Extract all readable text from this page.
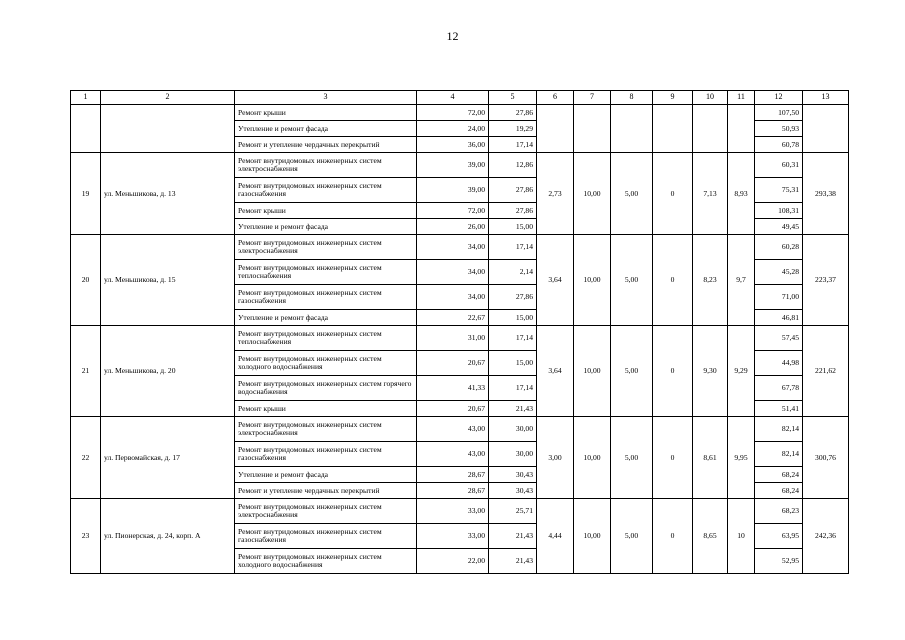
12
1	2	3	4	5	6	7	8	9	10	11	12	13
		Ремонт крыши	72,00	27,86							107,50	
		Утепление и ремонт фасада	24,00	19,29							50,93	
		Ремонт и утепление чердачных перекрытий	36,00	17,14							60,78	
19	ул. Меньшикова, д. 13	Ремонт внутридомовых инженерных систем электроснабжения	39,00	12,86	2,73	10,00	5,00	0	7,13	8,93	60,31	293,38
		Ремонт внутридомовых инженерных систем газоснабжения	39,00	27,86							75,31	
		Ремонт крыши	72,00	27,86							108,31	
		Утепление и ремонт фасада	26,00	15,00							49,45	
20	ул. Меньшикова, д. 15	Ремонт внутридомовых инженерных систем электроснабжения	34,00	17,14	3,64	10,00	5,00	0	8,23	9,7	60,28	223,37
		Ремонт внутридомовых инженерных систем теплоснабжения	34,00	2,14							45,28	
		Ремонт внутридомовых инженерных систем газоснабжения	34,00	27,86							71,00	
		Утепление и ремонт фасада	22,67	15,00							46,81	
21	ул. Меньшикова, д. 20	Ремонт внутридомовых инженерных систем теплоснабжения	31,00	17,14	3,64	10,00	5,00	0	9,30	9,29	57,45	221,62
		Ремонт внутридомовых инженерных систем холодного водоснабжения	20,67	15,00							44,98	
		Ремонт внутридомовых инженерных систем горячего водоснабжения	41,33	17,14							67,78	
		Ремонт крыши	20,67	21,43							51,41	
22	ул. Первомайская, д. 17	Ремонт внутридомовых инженерных систем электроснабжения	43,00	30,00	3,00	10,00	5,00	0	8,61	9,95	82,14	300,76
		Ремонт внутридомовых инженерных систем газоснабжения	43,00	30,00							82,14	
		Утепление и ремонт фасада	28,67	30,43							68,24	
		Ремонт и утепление чердачных перекрытий	28,67	30,43							68,24	
23	ул. Пионерская, д. 24, корп. А	Ремонт внутридомовых инженерных систем электроснабжения	33,00	25,71	4,44	10,00	5,00	0	8,65	10	68,23	242,36
		Ремонт внутридомовых инженерных систем газоснабжения	33,00	21,43							63,95	
		Ремонт внутридомовых инженерных систем холодного водоснабжения	22,00	21,43							52,95	
